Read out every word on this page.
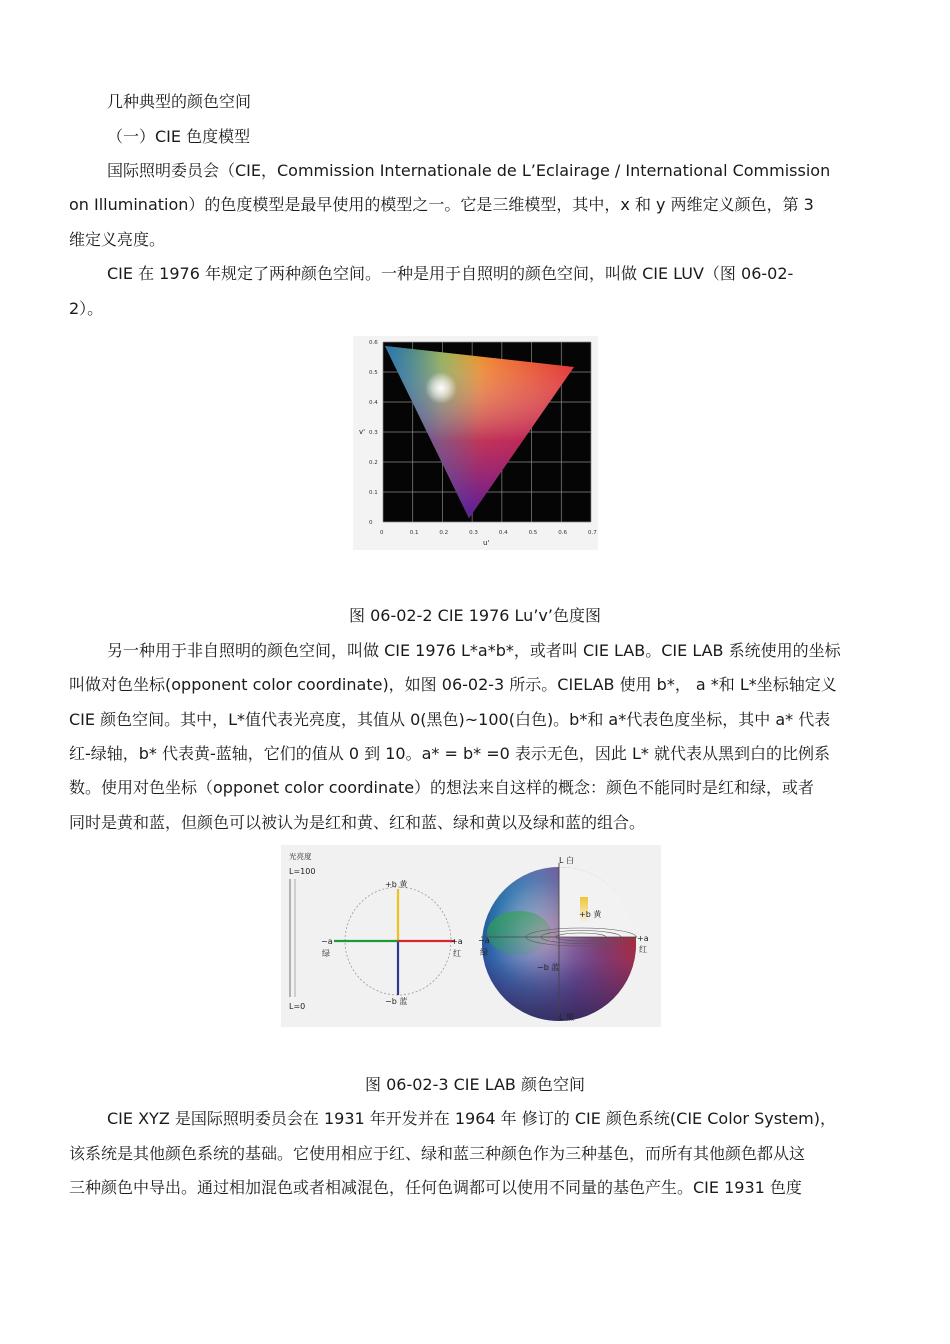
几种典型的颜色空间

（一）CIE 色度模型

国际照明委员会（CIE，Commission Internationale de L’Eclairage / International Commission

on Illumination）的色度模型是最早使用的模型之一。它是三维模型，其中，x 和 y 两维定义颜色，第 3

维定义亮度。

CIE 在 1976 年规定了两种颜色空间。一种是用于自照明的颜色空间，叫做 CIE LUV（图 06-02-

2）。

0.6
0.5
0.4
0.3
0.2
0.1
0
0	0.1	0.2	0.3	0.4	0.5	0.6	0.7
v'
u'

图 06-02-2 CIE 1976 Lu’v’色度图

另一种用于非自照明的颜色空间，叫做 CIE 1976 L*a*b*，或者叫 CIE LAB。CIE LAB 系统使用的坐标

叫做对色坐标(opponent color coordinate)，如图 06-02-3 所示。CIELAB 使用 b*， a *和 L*坐标轴定义

CIE 颜色空间。其中，L*值代表光亮度，其值从 0(黑色)~100(白色)。b*和 a*代表色度坐标，其中 a* 代表

红-绿轴，b* 代表黄-蓝轴，它们的值从 0 到 10。a* = b* =0 表示无色，因此 L* 就代表从黑到白的比例系

数。使用对色坐标（opponet color coordinate）的想法来自这样的概念：颜色不能同时是红和绿，或者

同时是黄和蓝，但颜色可以被认为是红和黄、红和蓝、绿和黄以及绿和蓝的组合。

光亮度
L=100
L=0
+b 黄
−b 蓝
−a
绿
+a
红
L 白
L 黑
+b 黄
−b 蓝
+a
红
−a
绿

图 06-02-3 CIE LAB 颜色空间

CIE XYZ 是国际照明委员会在 1931 年开发并在 1964 年 修订的 CIE 颜色系统(CIE Color System)，

该系统是其他颜色系统的基础。它使用相应于红、绿和蓝三种颜色作为三种基色，而所有其他颜色都从这

三种颜色中导出。通过相加混色或者相减混色，任何色调都可以使用不同量的基色产生。CIE 1931 色度
